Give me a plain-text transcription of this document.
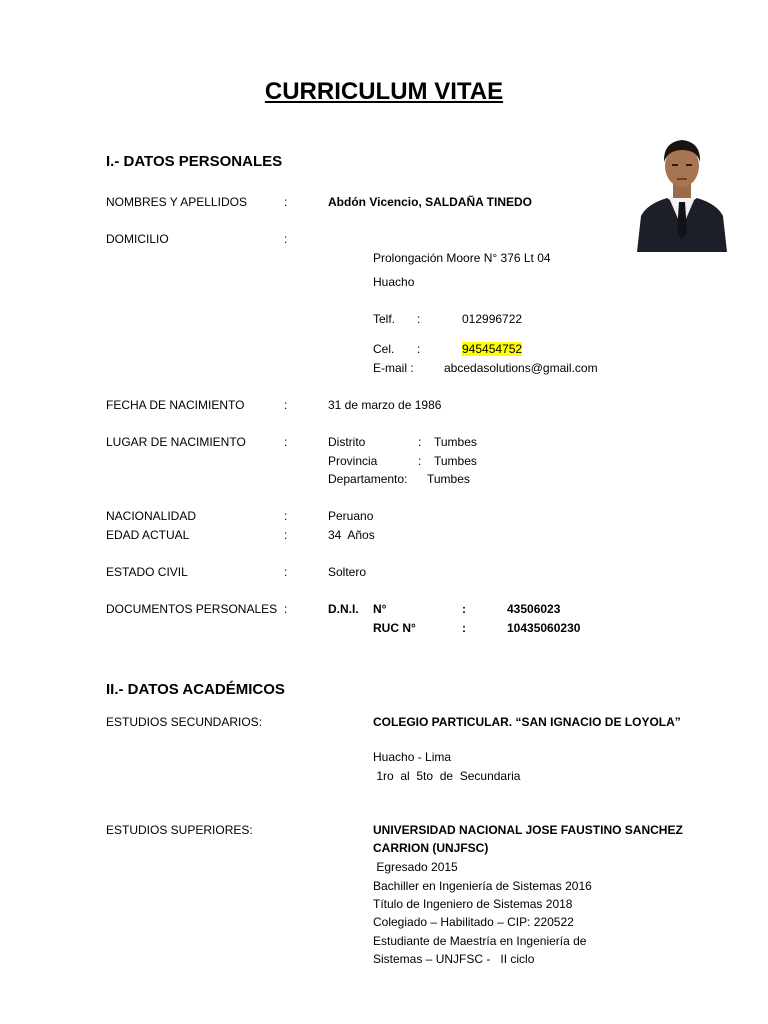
CURRICULUM VITAE
I.- DATOS PERSONALES
NOMBRES Y APELLIDOS	:	Abdón Vicencio, SALDAÑA TINEDO
DOMICILIO	:
Prolongación Moore N° 376 Lt 04
Huacho
Telf. :	012996722
Cel. :	945454752
E-mail :	abcedasolutions@gmail.com
FECHA DE NACIMIENTO	:	31 de marzo de 1986
LUGAR DE NACIMIENTO	:	Distrito	: Tumbes
Provincia	: Tumbes
Departamento: Tumbes
NACIONALIDAD	:	Peruano
EDAD ACTUAL	:	34  Años
ESTADO CIVIL	:	Soltero
DOCUMENTOS PERSONALES :	D.N.I. N°	:	43506023
RUC N°	:	10435060230
II.- DATOS ACADÉMICOS
ESTUDIOS SECUNDARIOS:	COLEGIO PARTICULAR. “SAN IGNACIO DE LOYOLA”
Huacho - Lima
1ro  al  5to  de  Secundaria
ESTUDIOS SUPERIORES:	UNIVERSIDAD NACIONAL JOSE FAUSTINO SANCHEZ
CARRION (UNJFSC)
Egresado 2015
Bachiller en Ingeniería de Sistemas 2016
Título de Ingeniero de Sistemas 2018
Colegiado – Habilitado – CIP: 220522
Estudiante de Maestría en Ingeniería de
Sistemas – UNJFSC -   II ciclo
